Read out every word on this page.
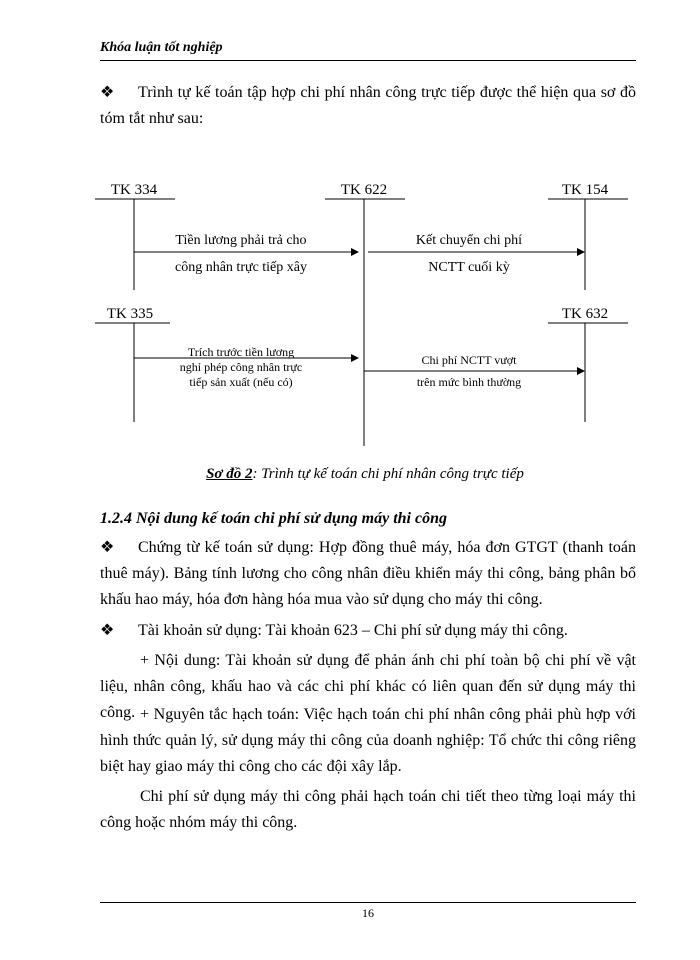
Khóa luận tốt nghiệp
❖ Trình tự kế toán tập hợp chi phí nhân công trực tiếp được thể hiện qua sơ đồ tóm tắt như sau:
TK 334	TK 622	TK 154
TK 335	TK 632
Tiền lương phải trả cho
công nhân trực tiếp xây
Kết chuyển chi phí
NCTT cuối kỳ
Trích trước tiền lương
nghỉ phép công nhân trực
tiếp sản xuất (nếu có)
Chi phí NCTT vượt
trên mức bình thường
Sơ đồ 2: Trình tự kế toán chi phí nhân công trực tiếp
1.2.4 Nội dung kế toán chi phí sử dụng máy thi công
❖ Chứng từ kế toán sử dụng: Hợp đồng thuê máy, hóa đơn GTGT (thanh toán thuê máy). Bảng tính lương cho công nhân điều khiển máy thi công, bảng phân bổ khấu hao máy, hóa đơn hàng hóa mua vào sử dụng cho máy thi công.
❖ Tài khoản sử dụng: Tài khoản 623 – Chi phí sử dụng máy thi công.
+ Nội dung: Tài khoản sử dụng để phản ánh chi phí toàn bộ chi phí về vật liệu, nhân công, khấu hao và các chi phí khác có liên quan đến sử dụng máy thi công. + Nguyên tắc hạch toán: Việc hạch toán chi phí nhân công phải phù hợp với hình thức quản lý, sử dụng máy thi công của doanh nghiệp: Tổ chức thi công riêng biệt hay giao máy thi công cho các đội xây lắp.
Chi phí sử dụng máy thi công phải hạch toán chi tiết theo từng loại máy thi công hoặc nhóm máy thi công.
16
